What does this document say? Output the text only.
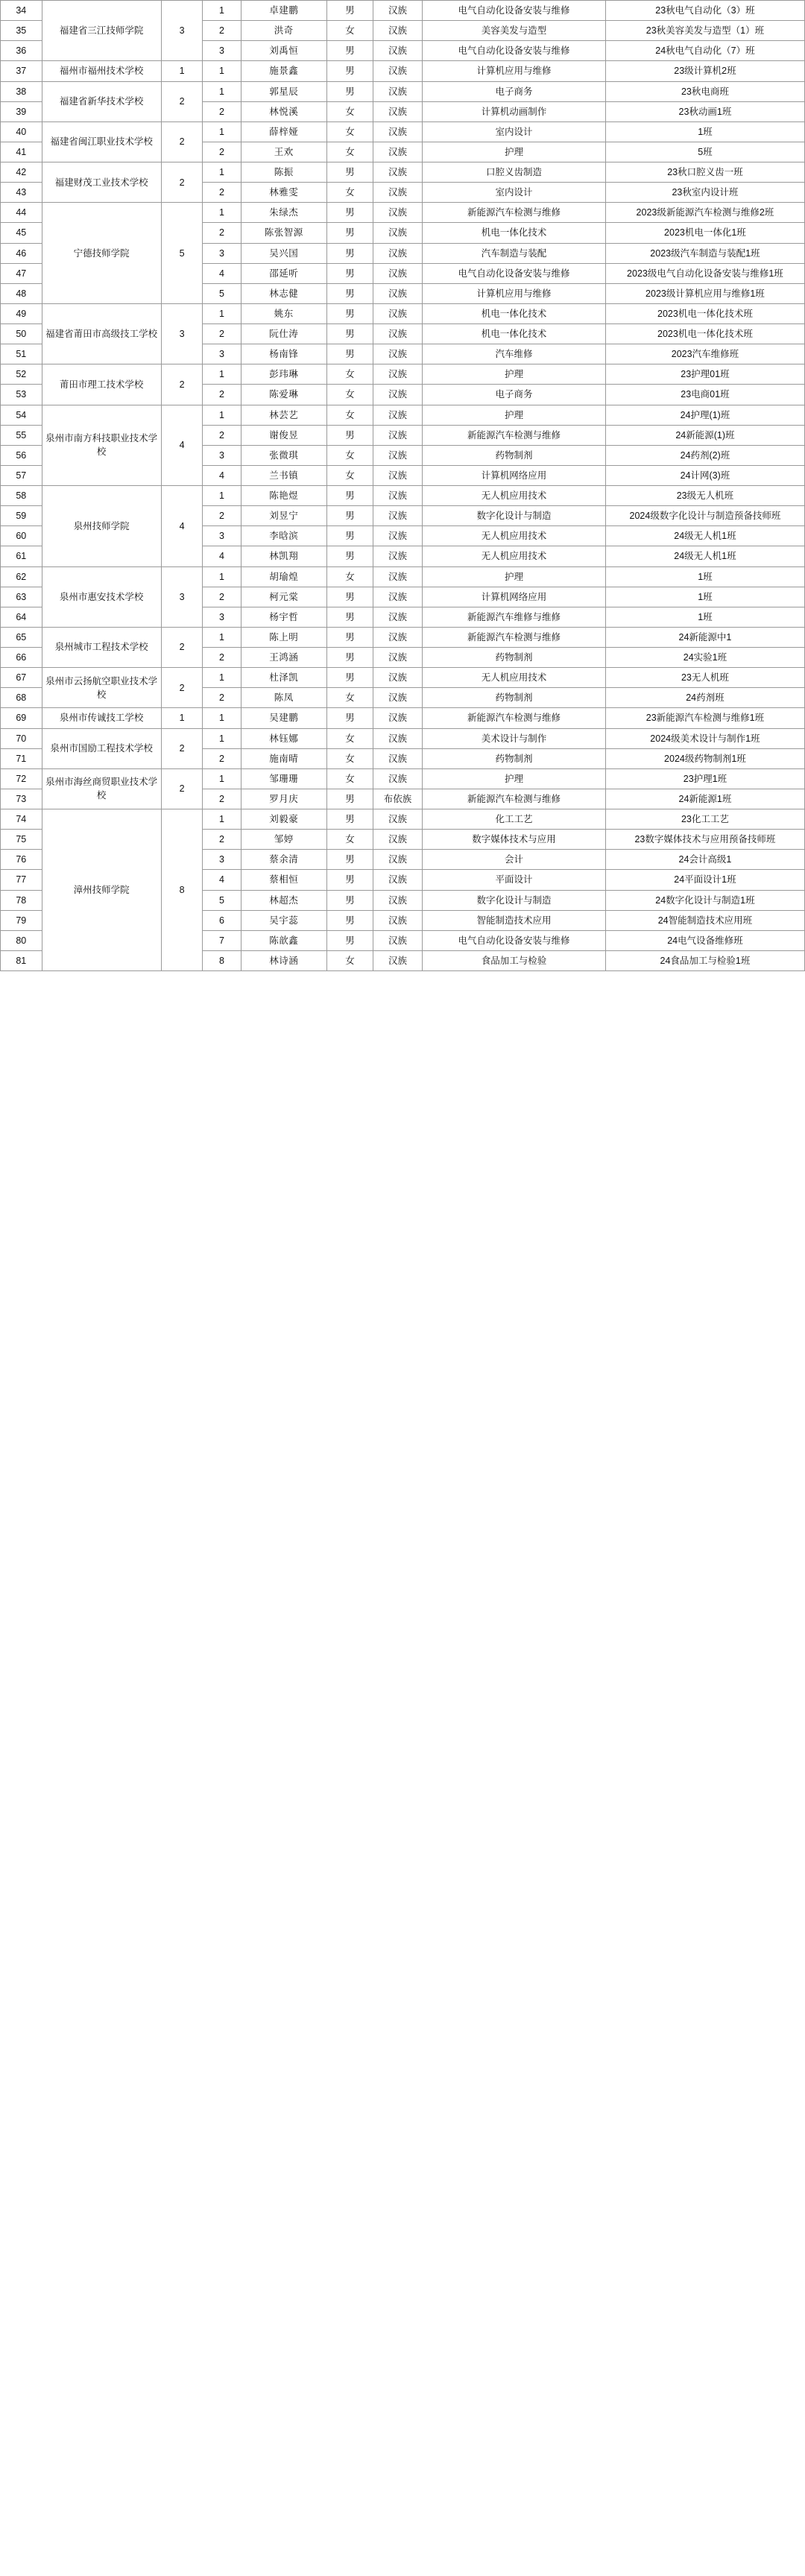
34	福建省三江技师学院	3	1	卓建鹏	男	汉族	电气自动化设备安装与维修	23秋电气自动化（3）班
35			2	洪奇	女	汉族	美容美发与造型	23秋美容美发与造型（1）班
36			3	刘禹恒	男	汉族	电气自动化设备安装与维修	24秋电气自动化（7）班
37	福州市福州技术学校	1	1	施景鑫	男	汉族	计算机应用与维修	23级计算机2班
38	福建省新华技术学校	2	1	郭星辰	男	汉族	电子商务	23秋电商班
39			2	林悦溪	女	汉族	计算机动画制作	23秋动画1班
40	福建省闽江职业技术学校	2	1	薛梓娅	女	汉族	室内设计	1班
41			2	王欢	女	汉族	护理	5班
42	福建财茂工业技术学校	2	1	陈振	男	汉族	口腔义齿制造	23秋口腔义齿一班
43			2	林雅雯	女	汉族	室内设计	23秋室内设计班
44	宁德技师学院	5	1	朱绿杰	男	汉族	新能源汽车检测与维修	2023级新能源汽车检测与维修2班
45			2	陈张智源	男	汉族	机电一体化技术	2023机电一体化1班
46			3	吴兴国	男	汉族	汽车制造与装配	2023级汽车制造与装配1班
47			4	邵延听	男	汉族	电气自动化设备安装与维修	2023级电气自动化设备安装与维修1班
48			5	林志健	男	汉族	计算机应用与维修	2023级计算机应用与维修1班
49	福建省莆田市高级技工学校	3	1	姚东	男	汉族	机电一体化技术	2023机电一体化技术班
50			2	阮仕涛	男	汉族	机电一体化技术	2023机电一体化技术班
51			3	杨南锋	男	汉族	汽车维修	2023汽车维修班
52	莆田市理工技术学校	2	1	彭玮琳	女	汉族	护理	23护理01班
53			2	陈爱琳	女	汉族	电子商务	23电商01班
54	泉州市南方科技职业技术学校	4	1	林芸艺	女	汉族	护理	24护理(1)班
55			2	谢俊昱	男	汉族	新能源汽车检测与维修	24新能源(1)班
56			3	张微琪	女	汉族	药物制剂	24药剂(2)班
57			4	兰书镇	女	汉族	计算机网络应用	24计网(3)班
58	泉州技师学院	4	1	陈艳煜	男	汉族	无人机应用技术	23级无人机班
59			2	刘昱宁	男	汉族	数字化设计与制造	2024级数字化设计与制造预备技师班
60			3	李晗滨	男	汉族	无人机应用技术	24级无人机1班
61			4	林凯翔	男	汉族	无人机应用技术	24级无人机1班
62	泉州市惠安技术学校	3	1	胡瑜煌	女	汉族	护理	1班
63			2	柯元棠	男	汉族	计算机网络应用	1班
64			3	杨宇哲	男	汉族	新能源汽车维修与维修	1班
65	泉州城市工程技术学校	2	1	陈上明	男	汉族	新能源汽车检测与维修	24新能源中1
66			2	王鸿涵	男	汉族	药物制剂	24实验1班
67	泉州市云扬航空职业技术学校	2	1	杜泽凯	男	汉族	无人机应用技术	23无人机班
68			2	陈凤	女	汉族	药物制剂	24药剂班
69	泉州市传诚技工学校	1	1	吴建鹏	男	汉族	新能源汽车检测与维修	23新能源汽车检测与维修1班
70	泉州市国励工程技术学校	2	1	林钰娜	女	汉族	美术设计与制作	2024级美术设计与制作1班
71			2	施南晴	女	汉族	药物制剂	2024级药物制剂1班
72	泉州市海丝商贸职业技术学校	2	1	邹珊珊	女	汉族	护理	23护理1班
73			2	罗月庆	男	布依族	新能源汽车检测与维修	24新能源1班
74	漳州技师学院	8	1	刘毅豪	男	汉族	化工工艺	23化工工艺
75			2	邹婷	女	汉族	数字媒体技术与应用	23数字媒体技术与应用预备技师班
76			3	蔡余清	男	汉族	会计	24会计高级1
77			4	蔡相恒	男	汉族	平面设计	24平面设计1班
78			5	林超杰	男	汉族	数字化设计与制造	24数字化设计与制造1班
79			6	吴宇蕊	男	汉族	智能制造技术应用	24智能制造技术应用班
80			7	陈歆鑫	男	汉族	电气自动化设备安装与维修	24电气设备维修班
81			8	林诗涵	女	汉族	食品加工与检验	24食品加工与检验1班
